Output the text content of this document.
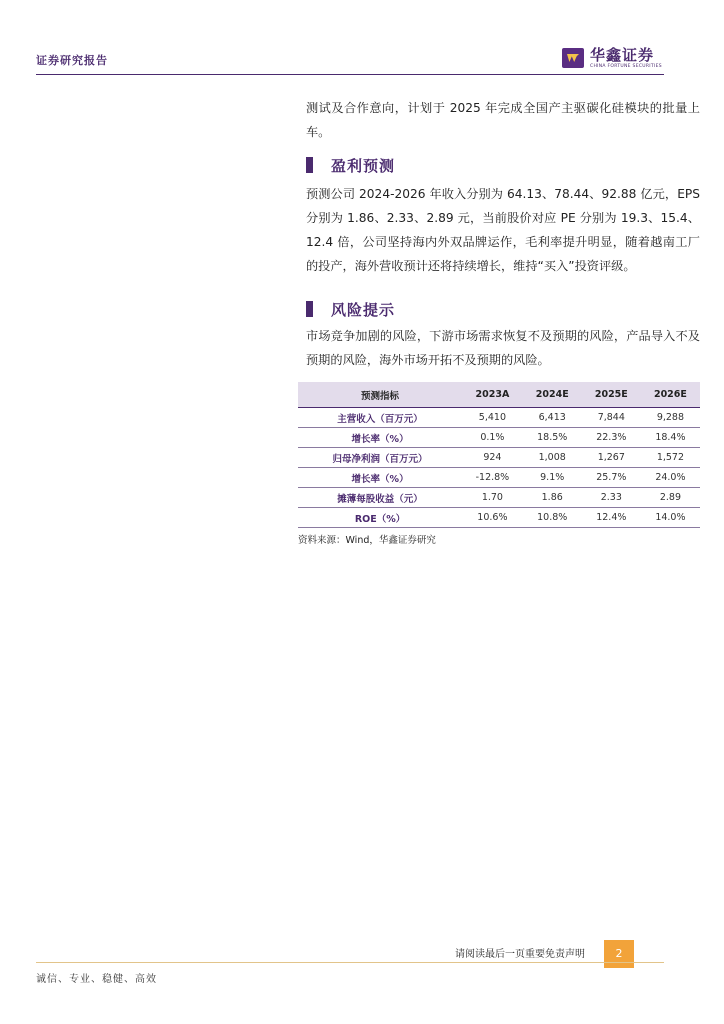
证券研究报告	华鑫证券
CHINA FORTUNE SECURITIES

测试及合作意向，计划于 2025 年完成全国产主驱碳化硅模块的批量上车。

盈利预测

预测公司 2024-2026 年收入分别为 64.13、78.44、92.88 亿元，EPS 分别为 1.86、2.33、2.89 元，当前股价对应 PE 分别为 19.3、15.4、12.4 倍，公司坚持海内外双品牌运作，毛利率提升明显，随着越南工厂的投产，海外营收预计还将持续增长，维持“买入”投资评级。

风险提示

市场竞争加剧的风险，下游市场需求恢复不及预期的风险，产品导入不及预期的风险，海外市场开拓不及预期的风险。

预测指标	2023A	2024E	2025E	2026E
主营收入（百万元）	5,410	6,413	7,844	9,288
增长率（%）	0.1%	18.5%	22.3%	18.4%
归母净利润（百万元）	924	1,008	1,267	1,572
增长率（%）	-12.8%	9.1%	25.7%	24.0%
摊薄每股收益（元）	1.70	1.86	2.33	2.89
ROE（%）	10.6%	10.8%	12.4%	14.0%
资料来源：Wind，华鑫证券研究
请阅读最后一页重要免责声明	2
诚信、专业、稳健、高效
